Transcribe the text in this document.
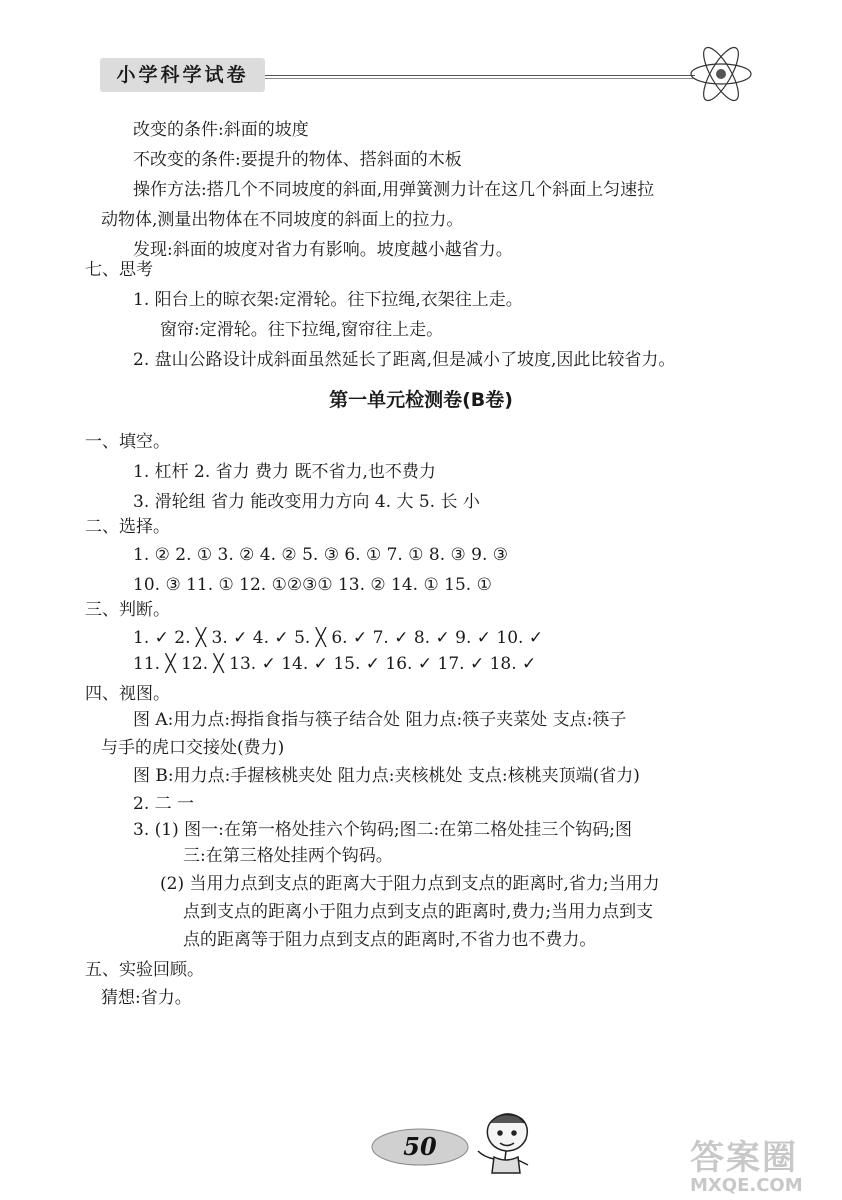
小学科学试卷
改变的条件:斜面的坡度
不改变的条件:要提升的物体、搭斜面的木板
操作方法:搭几个不同坡度的斜面,用弹簧测力计在这几个斜面上匀速拉
动物体,测量出物体在不同坡度的斜面上的拉力。
发现:斜面的坡度对省力有影响。坡度越小越省力。
七、思考
1. 阳台上的晾衣架:定滑轮。往下拉绳,衣架往上走。
窗帘:定滑轮。往下拉绳,窗帘往上走。
2. 盘山公路设计成斜面虽然延长了距离,但是减小了坡度,因此比较省力。
第一单元检测卷(B卷)
一、填空。
1. 杠杆 2. 省力 费力 既不省力,也不费力
3. 滑轮组 省力 能改变用力方向 4. 大 5. 长 小
二、选择。
1. ② 2. ① 3. ② 4. ② 5. ③ 6. ① 7. ① 8. ③ 9. ③
10. ③ 11. ① 12. ①②③① 13. ② 14. ① 15. ①
三、判断。
1. ✓ 2. ╳ 3. ✓ 4. ✓ 5. ╳ 6. ✓ 7. ✓ 8. ✓ 9. ✓ 10. ✓
11. ╳ 12. ╳ 13. ✓ 14. ✓ 15. ✓ 16. ✓ 17. ✓ 18. ✓
四、视图。
图 A:用力点:拇指食指与筷子结合处 阻力点:筷子夹菜处 支点:筷子
与手的虎口交接处(费力)
图 B:用力点:手握核桃夹处 阻力点:夹核桃处 支点:核桃夹顶端(省力)
2. 二 一
3. (1) 图一:在第一格处挂六个钩码;图二:在第二格处挂三个钩码;图
三:在第三格处挂两个钩码。
(2) 当用力点到支点的距离大于阻力点到支点的距离时,省力;当用力
点到支点的距离小于阻力点到支点的距离时,费力;当用力点到支
点的距离等于阻力点到支点的距离时,不省力也不费力。
五、实验回顾。
猜想:省力。
50	答案圈
MXQE.COM
